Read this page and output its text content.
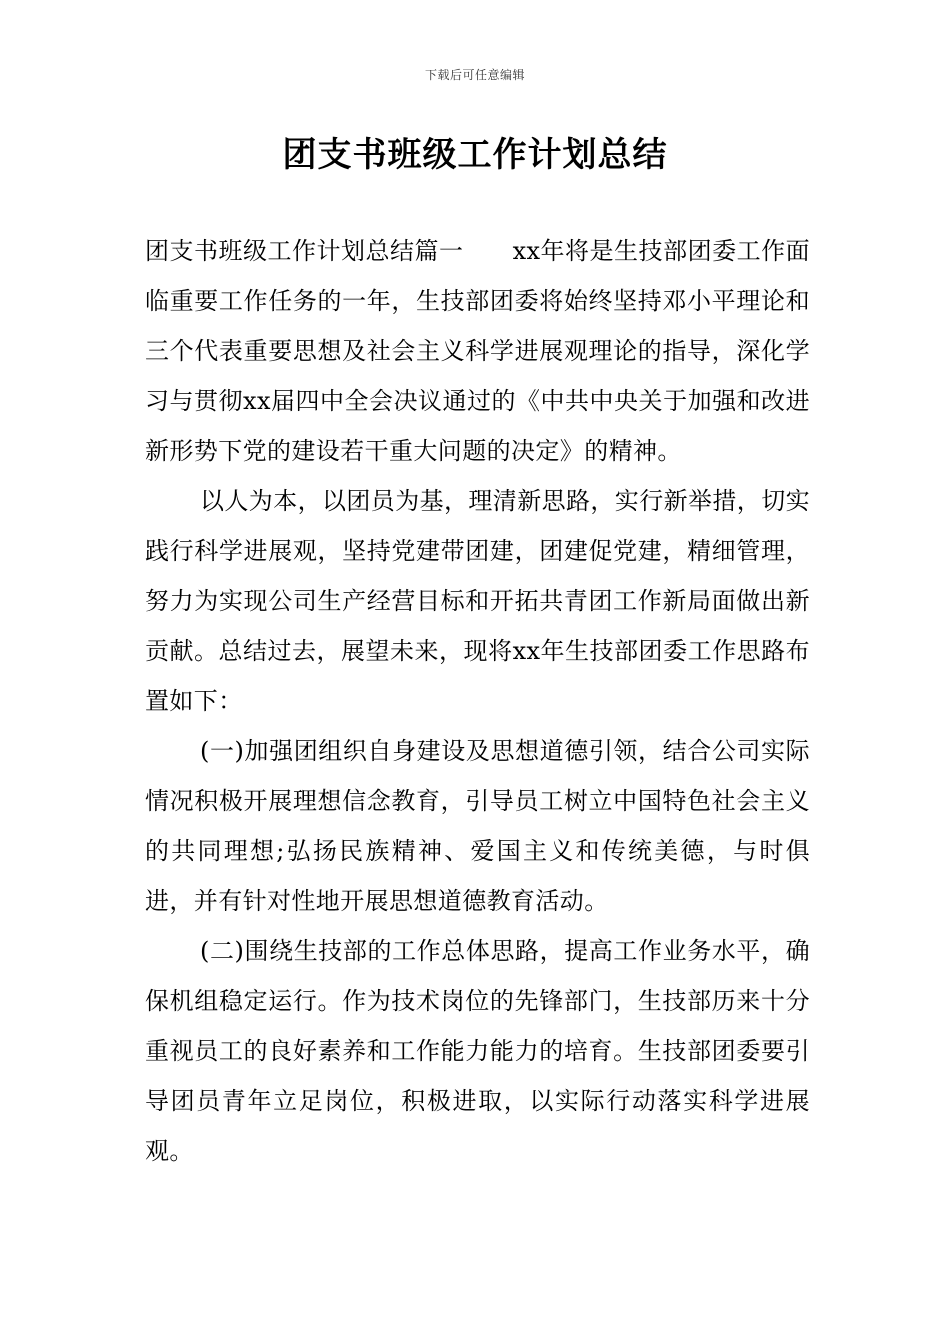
下载后可任意编辑
团支书班级工作计划总结

团支书班级工作计划总结篇一　　xx年将是生技部团委工作面临重要工作任务的一年，生技部团委将始终坚持邓小平理论和三个代表重要思想及社会主义科学进展观理论的指导，深化学习与贯彻xx届四中全会决议通过的《中共中央关于加强和改进新形势下党的建设若干重大问题的决定》的精神。

以人为本，以团员为基，理清新思路，实行新举措，切实践行科学进展观，坚持党建带团建，团建促党建，精细管理，努力为实现公司生产经营目标和开拓共青团工作新局面做出新贡献。总结过去，展望未来，现将xx年生技部团委工作思路布置如下：

(一)加强团组织自身建设及思想道德引领，结合公司实际情况积极开展理想信念教育，引导员工树立中国特色社会主义的共同理想;弘扬民族精神、爱国主义和传统美德，与时俱进，并有针对性地开展思想道德教育活动。

(二)围绕生技部的工作总体思路，提高工作业务水平，确保机组稳定运行。作为技术岗位的先锋部门，生技部历来十分重视员工的良好素养和工作能力能力的培育。生技部团委要引导团员青年立足岗位，积极进取，以实际行动落实科学进展观。
